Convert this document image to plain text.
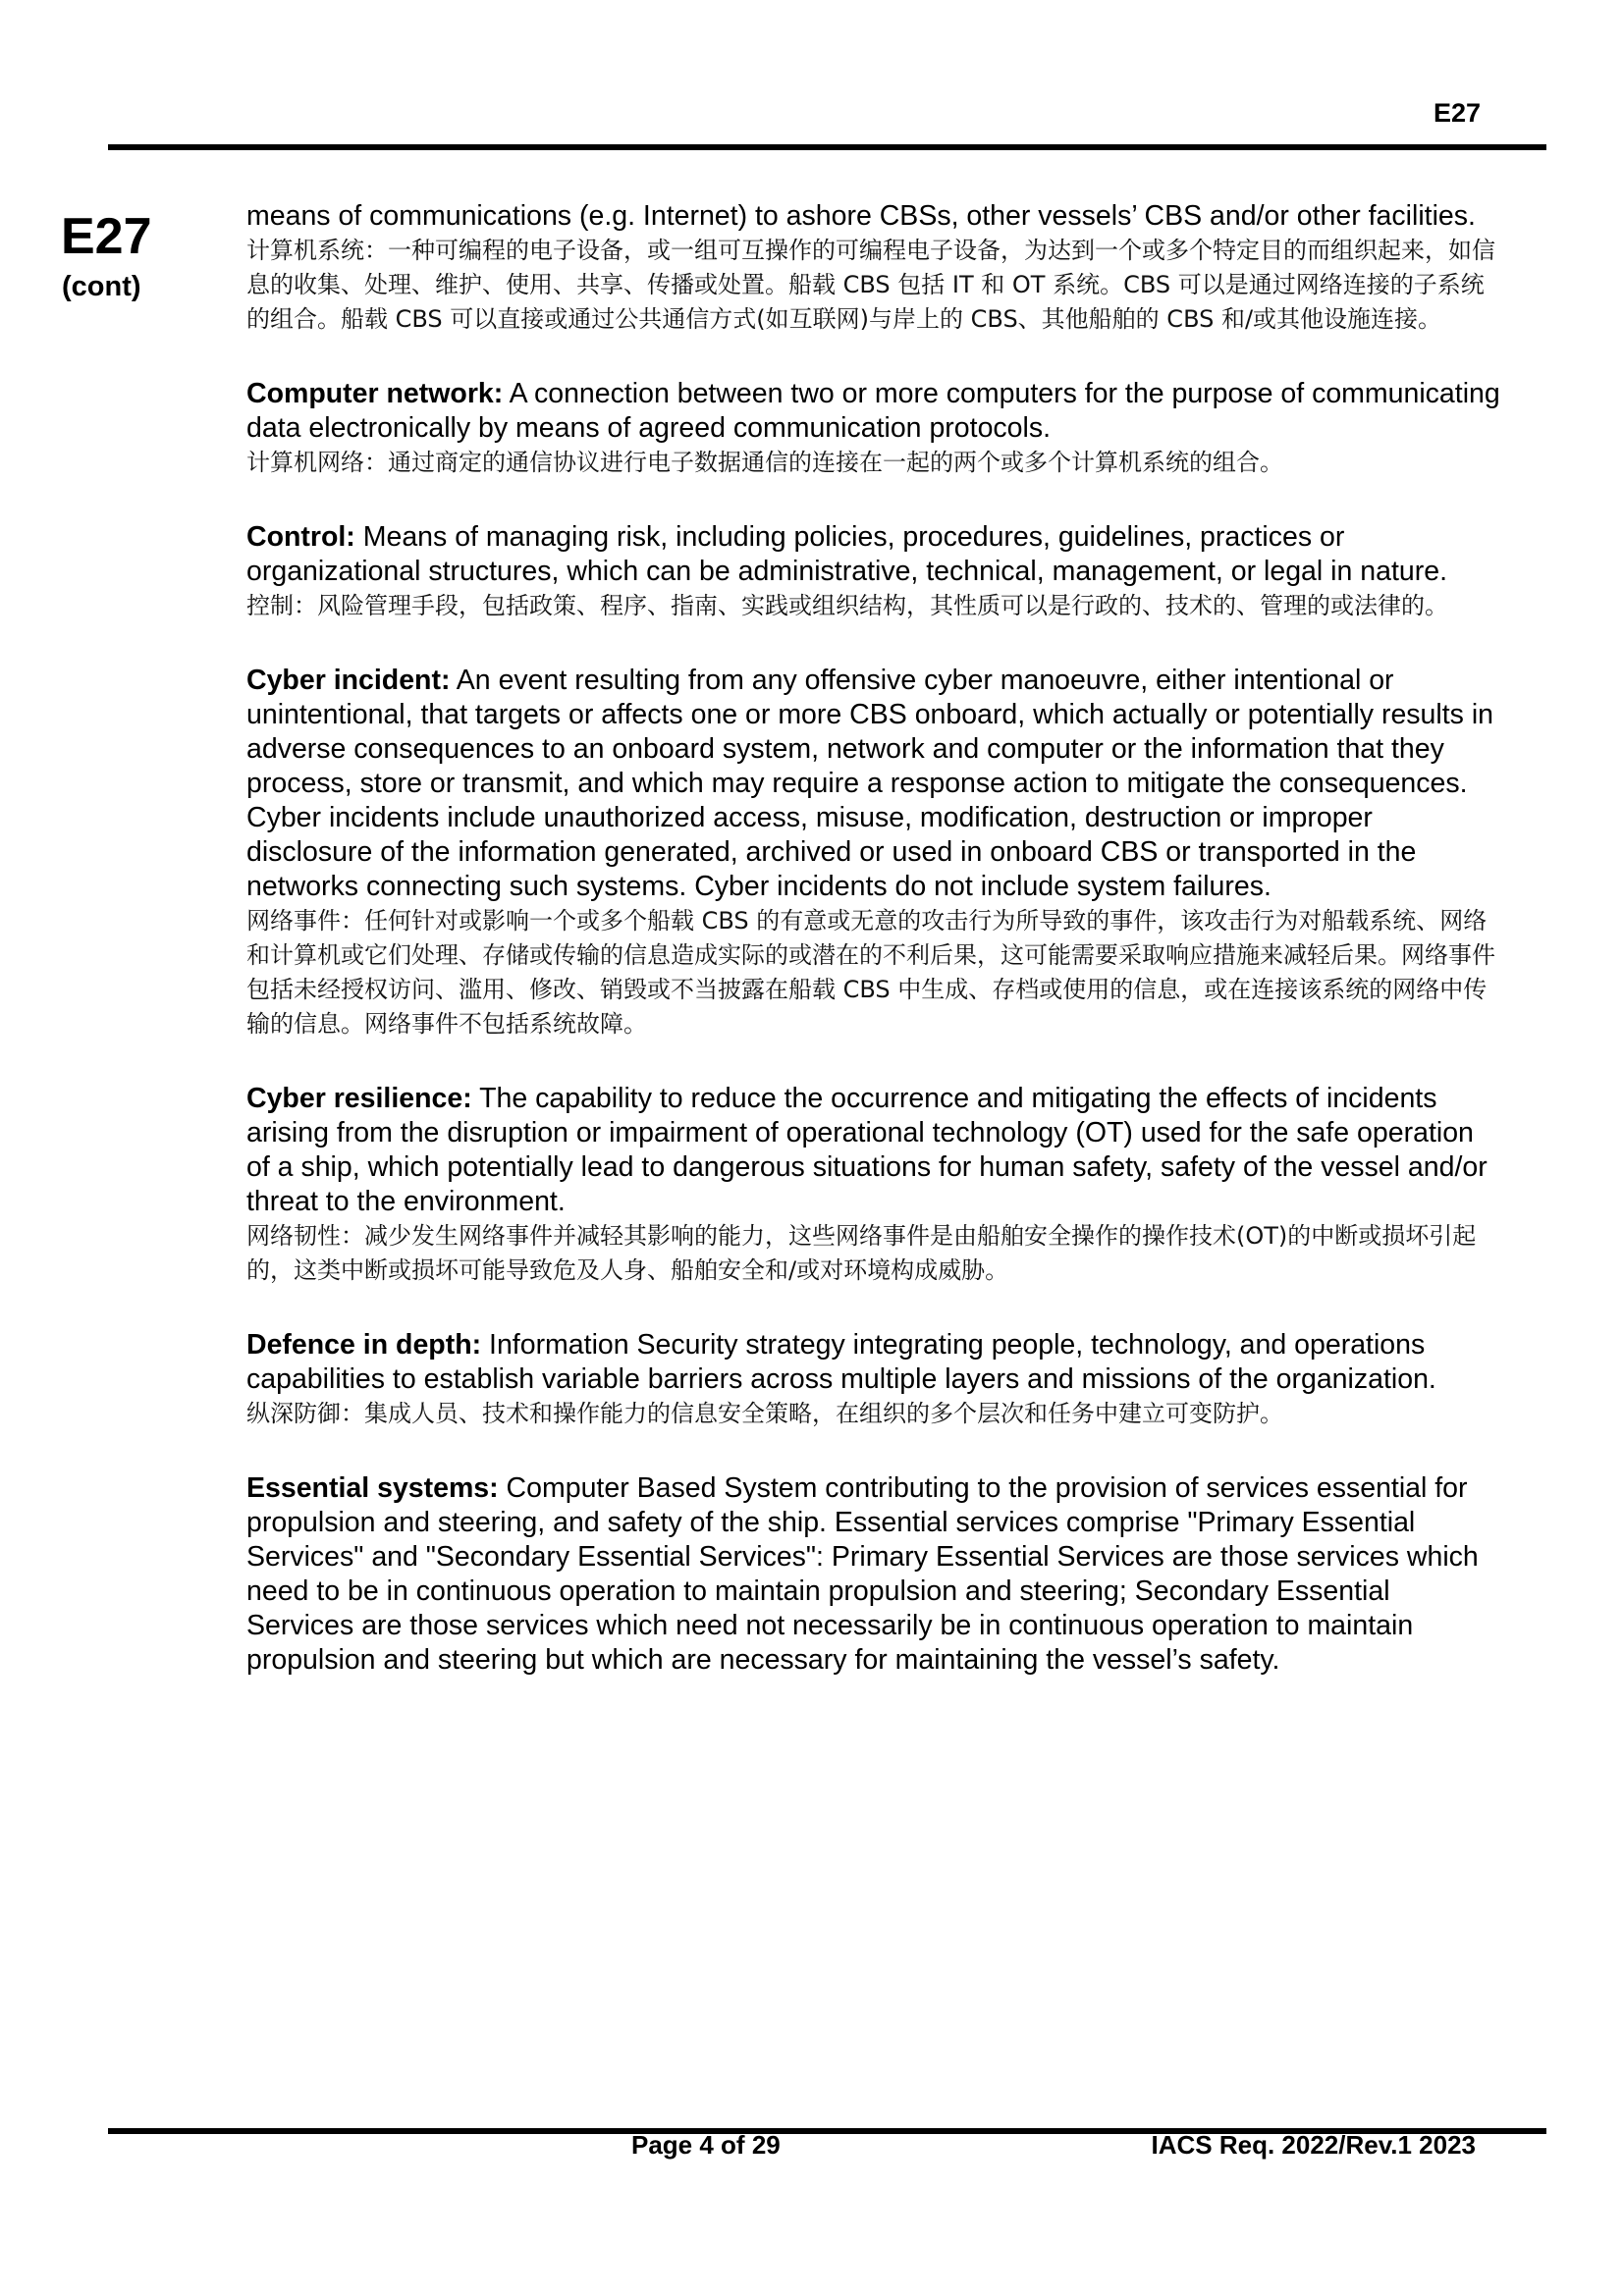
E27
E27
(cont)
means of communications (e.g. Internet) to ashore CBSs, other vessels’ CBS and/or other facilities.
计算机系统：一种可编程的电子设备，或一组可互操作的可编程电子设备，为达到一个或多个特定目的而组织起来，如信息的收集、处理、维护、使用、共享、传播或处置。船载 CBS 包括 IT 和 OT 系统。CBS 可以是通过网络连接的子系统的组合。船载 CBS 可以直接或通过公共通信方式(如互联网)与岸上的 CBS、其他船舶的 CBS 和/或其他设施连接。
Computer network: A connection between two or more computers for the purpose of communicating data electronically by means of agreed communication protocols.
计算机网络：通过商定的通信协议进行电子数据通信的连接在一起的两个或多个计算机系统的组合。
Control: Means of managing risk, including policies, procedures, guidelines, practices or organizational structures, which can be administrative, technical, management, or legal in nature.
控制：风险管理手段，包括政策、程序、指南、实践或组织结构，其性质可以是行政的、技术的、管理的或法律的。
Cyber incident: An event resulting from any offensive cyber manoeuvre, either intentional or unintentional, that targets or affects one or more CBS onboard, which actually or potentially results in adverse consequences to an onboard system, network and computer or the information that they process, store or transmit, and which may require a response action to mitigate the consequences. Cyber incidents include unauthorized access, misuse, modification, destruction or improper disclosure of the information generated, archived or used in onboard CBS or transported in the networks connecting such systems. Cyber incidents do not include system failures.
网络事件：任何针对或影响一个或多个船载 CBS 的有意或无意的攻击行为所导致的事件，该攻击行为对船载系统、网络和计算机或它们处理、存储或传输的信息造成实际的或潜在的不利后果，这可能需要采取响应措施来减轻后果。网络事件包括未经授权访问、滥用、修改、销毁或不当披露在船载 CBS 中生成、存档或使用的信息，或在连接该系统的网络中传输的信息。网络事件不包括系统故障。
Cyber resilience: The capability to reduce the occurrence and mitigating the effects of incidents arising from the disruption or impairment of operational technology (OT) used for the safe operation of a ship, which potentially lead to dangerous situations for human safety, safety of the vessel and/or threat to the environment.
网络韧性：减少发生网络事件并减轻其影响的能力，这些网络事件是由船舶安全操作的操作技术(OT)的中断或损坏引起的，这类中断或损坏可能导致危及人身、船舶安全和/或对环境构成威胁。
Defence in depth: Information Security strategy integrating people, technology, and operations capabilities to establish variable barriers across multiple layers and missions of the organization.
纵深防御：集成人员、技术和操作能力的信息安全策略，在组织的多个层次和任务中建立可变防护。
Essential systems: Computer Based System contributing to the provision of services essential for propulsion and steering, and safety of the ship. Essential services comprise "Primary Essential Services" and "Secondary Essential Services": Primary Essential Services are those services which need to be in continuous operation to maintain propulsion and steering; Secondary Essential Services are those services which need not necessarily be in continuous operation to maintain propulsion and steering but which are necessary for maintaining the vessel’s safety.
Page 4 of 29	IACS Req. 2022/Rev.1 2023
